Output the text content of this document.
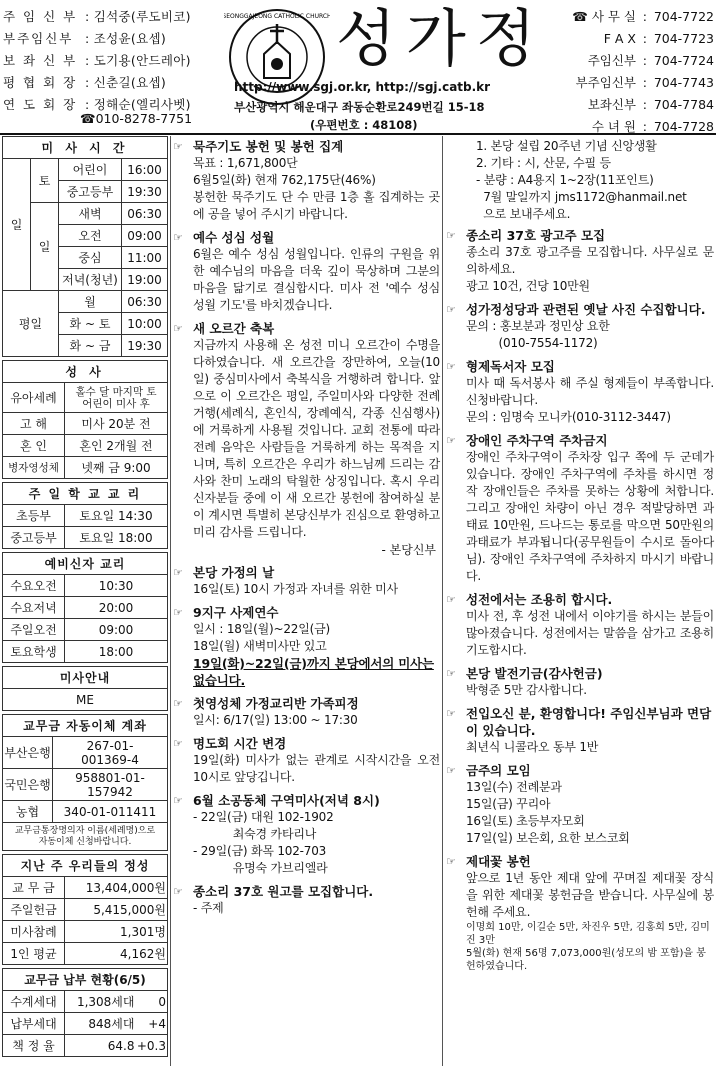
주 임 신 부 : 김석중(루도비코)
부주임신부 : 조성윤(요셉)
보 좌 신 부 : 도기용(안드레아)
평 협 회 장 : 신춘길(요셉)
연 도 회 장 : 정해순(엘리사벳)
☎010-8278-7751
SEONGGAJEONG CATHOLIC CHURCH 성가정
http://www.sgj.or.kr, http://sgj.catb.kr
부산광역시 해운대구 좌동순환로249번길 15-18
(우편번호 : 48108)
☎ 사 무 실 : 704-7722
F A X : 704-7723
주임신부 : 704-7724
부주임신부 : 704-7743
보좌신부 : 704-7784
수 녀 원 : 704-7728
미 사 시 간			
일	토	어린이	16:00
		중고등부	19:30
	일	새벽	06:30
		오전	09:00
		중심	11:00
		저녁(청년)	19:00
평일		월	06:30
		화 ~ 토	10:00
		화 ~ 금	19:30
성 사	
유아세례	홀수 달 마지막 토
어린이 미사 후
고 해	미사 20분 전
혼 인	혼인 2개월 전
병자영성체	넷째 금 9:00
주 일 학 교 교 리	
초등부	토요일 14:30
중고등부	토요일 18:00
예비신자 교리	
수요오전	10:30
수요저녁	20:00
주일오전	09:00
토요학생	18:00
미사안내
ME
교무금 자동이체 계좌	
부산은행	267-01-
001369-4
국민은행	958801-01-
157942
농협	340-01-011411
교무금통장명의자 이름(세례명)으로
자동이체 신청바랍니다.	
지난 주 우리들의 정성	
교 무 금	13,404,000원
주일헌금	5,415,000원
미사참례	1,301명
1인 평균	4,162원
교무금 납부 현황(6/5)		
수계세대	1,308세대	0
납부세대	848세대	+4
책 정 율	64.8	+0.3
☞ 묵주기도 봉헌 및 봉헌 집계
목표 : 1,671,800단
6월5일(화) 현재 762,175단(46%)
봉헌한 묵주기도 단 수 만큼 1층 홀 집계하는 곳에 공을 넣어 주시기 바랍니다.
☞ 예수 성심 성월
6월은 예수 성심 성월입니다. 인류의 구원을 위한 예수님의 마음을 더욱 깊이 묵상하며 그분의 마음을 닮기로 결심합시다. 미사 전 '예수 성심 성월 기도'를 바치겠습니다.
☞ 새 오르간 축복
지금까지 사용해 온 성전 미니 오르간이 수명을 다하였습니다. 새 오르간을 장만하여, 오늘(10일) 중심미사에서 축복식을 거행하려 합니다. 앞으로 이 오르간은 평일, 주일미사와 다양한 전례 거행(세례식, 혼인식, 장례예식, 각종 신심행사)에 거룩하게 사용될 것입니다. 교회 전통에 따라 전례 음악은 사람들을 거룩하게 하는 목적을 지니며, 특히 오르간은 우리가 하느님께 드리는 감사와 찬미 노래의 탁월한 상징입니다. 혹시 우리 신자분들 중에 이 새 오르간 봉헌에 참여하실 분이 계시면 특별히 본당신부가 진심으로 환영하고 미리 감사를 드립니다.
- 본당신부
☞ 본당 가정의 날
16일(토) 10시 가정과 자녀를 위한 미사
☞ 9지구 사제연수
일시 : 18일(월)~22일(금)
18일(월) 새벽미사만 있고
19일(화)~22일(금)까지 본당에서의 미사는 없습니다.
☞ 첫영성체 가정교리반 가족피정
일시: 6/17(일) 13:00 ~ 17:30
☞ 명도회 시간 변경
19일(화) 미사가 없는 관계로 시작시간을 오전 10시로 앞당깁니다.
☞ 6월 소공동체 구역미사(저녁 8시)
- 22일(금) 대원 102-1902
최숙경 카타리나
- 29일(금) 화목 102-703
유명숙 가브리엘라
☞ 종소리 37호 원고를 모집합니다.
- 주제
1. 본당 설립 20주년 기념 신앙생활
2. 기타 : 시, 산문, 수필 등
- 분량 : A4용지 1~2장(11포인트)
7월 말일까지 jms1172@hanmail.net
으로 보내주세요.
☞ 종소리 37호 광고주 모집
종소리 37호 광고주를 모집합니다. 사무실로 문의하세요.
광고 10건, 건당 10만원
☞ 성가정성당과 관련된 옛날 사진 수집합니다.
문의 : 홍보분과 정민상 요한
(010-7554-1172)
☞ 형제독서자 모집
미사 때 독서봉사 해 주실 형제들이 부족합니다. 신청바랍니다.
문의 : 임명숙 모니카(010-3112-3447)
☞ 장애인 주차구역 주차금지
장애인 주차구역이 주차장 입구 쪽에 두 군데가 있습니다. 장애인 주차구역에 주차를 하시면 정작 장애인들은 주차를 못하는 상황에 처합니다. 그리고 장애인 차량이 아닌 경우 적발당하면 과태료 10만원, 드나드는 통로를 막으면 50만원의 과태료가 부과됩니다(공무원들이 수시로 돌아다님). 장애인 주차구역에 주차하지 마시기 바랍니다.
☞ 성전에서는 조용히 합시다.
미사 전, 후 성전 내에서 이야기를 하시는 분들이 많아졌습니다. 성전에서는 말씀을 삼가고 조용히 기도합시다.
☞ 본당 발전기금(감사헌금)
박형준 5만 감사합니다.
☞ 전입오신 분, 환영합니다! 주임신부님과 면담이 있습니다.
최년식 니콜라오 동부 1반
☞ 금주의 모임
13일(수) 전례분과
15일(금) 꾸리아
16일(토) 초등부자모회
17일(일) 보은회, 요한 보스코회
☞ 제대꽃 봉헌
앞으로 1년 동안 제대 앞에 꾸며질 제대꽃 장식을 위한 제대꽃 봉헌금을 받습니다. 사무실에 봉헌해 주세요.
이명희 10만, 이길순 5만, 차진우 5만, 김홍희 5만, 김미진 3만
5월(화) 현재 56명 7,073,000원(성모의 밤 포함)을 봉헌하였습니다.
